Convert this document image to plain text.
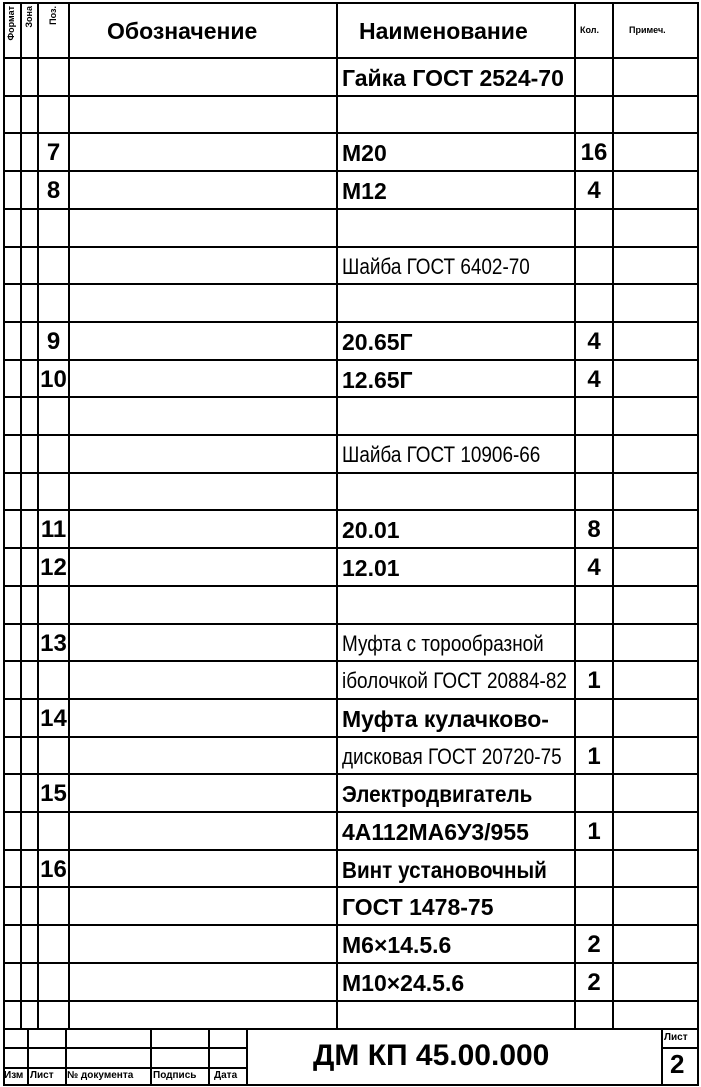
Формат Зона Поз.
Обозначение	Наименование	Кол.	Примеч.
Гайка ГОСТ 2524-70
7	М20	16
8	М12	4
Шайба ГОСТ 6402-70
9	20.65Г	4
10	12.65Г	4
Шайба ГОСТ 10906-66
11	20.01	8
12	12.01	4
13	Муфта с торообразной
іболочкой ГОСТ 20884-82 1
14	Муфта кулачково-
дисковая ГОСТ 20720-75	1
15	Электродвигатель
4А112МА6У3/955	1
16	Винт установочный
ГОСТ 1478-75
М6×14.5.6	2
М10×24.5.6	2
Изм Лист № документа Подпись Дата
ДМ КП 45.00.000
Лист
2
